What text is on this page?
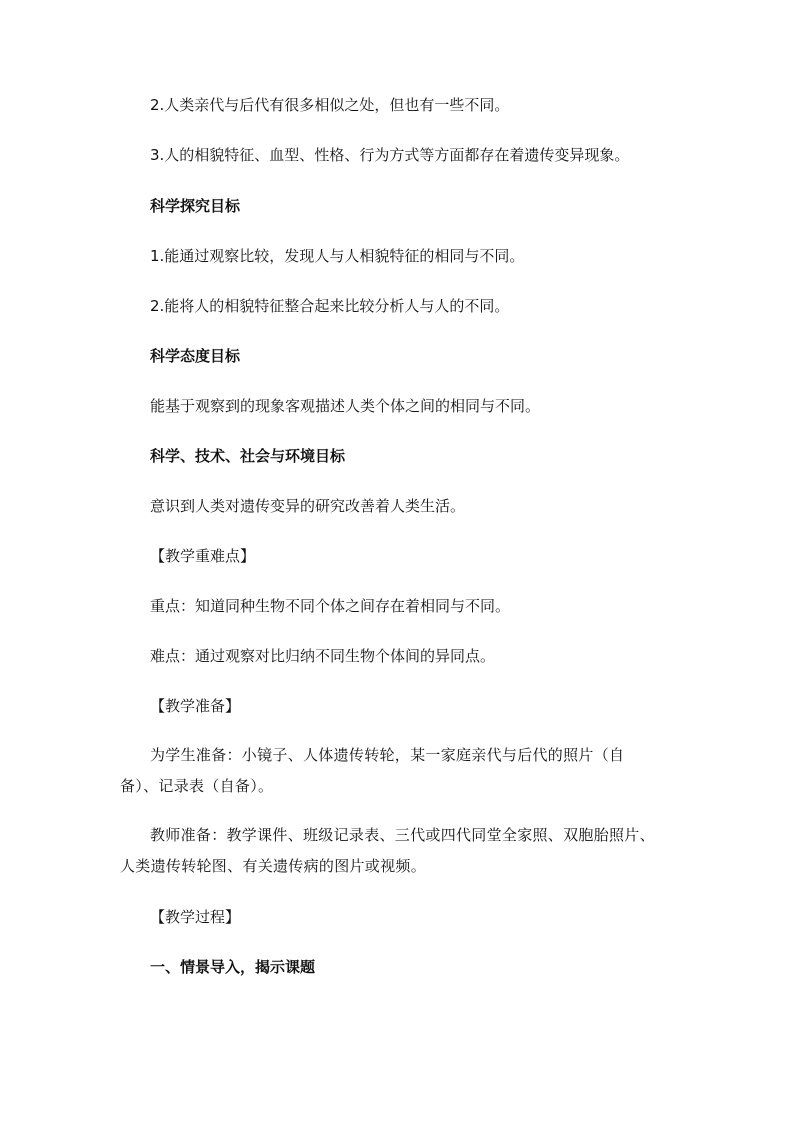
2.人类亲代与后代有很多相似之处，但也有一些不同。
3.人的相貌特征、血型、性格、行为方式等方面都存在着遗传变异现象。
科学探究目标
1.能通过观察比较，发现人与人相貌特征的相同与不同。
2.能将人的相貌特征整合起来比较分析人与人的不同。
科学态度目标
能基于观察到的现象客观描述人类个体之间的相同与不同。
科学、技术、社会与环境目标
意识到人类对遗传变异的研究改善着人类生活。
【教学重难点】
重点：知道同种生物不同个体之间存在着相同与不同。
难点：通过观察对比归纳不同生物个体间的异同点。
【教学准备】
为学生准备：小镜子、人体遗传转轮，某一家庭亲代与后代的照片（自备）、记录表（自备）。
教师准备：教学课件、班级记录表、三代或四代同堂全家照、双胞胎照片、人类遗传转轮图、有关遗传病的图片或视频。
【教学过程】
一、情景导入，揭示课题
